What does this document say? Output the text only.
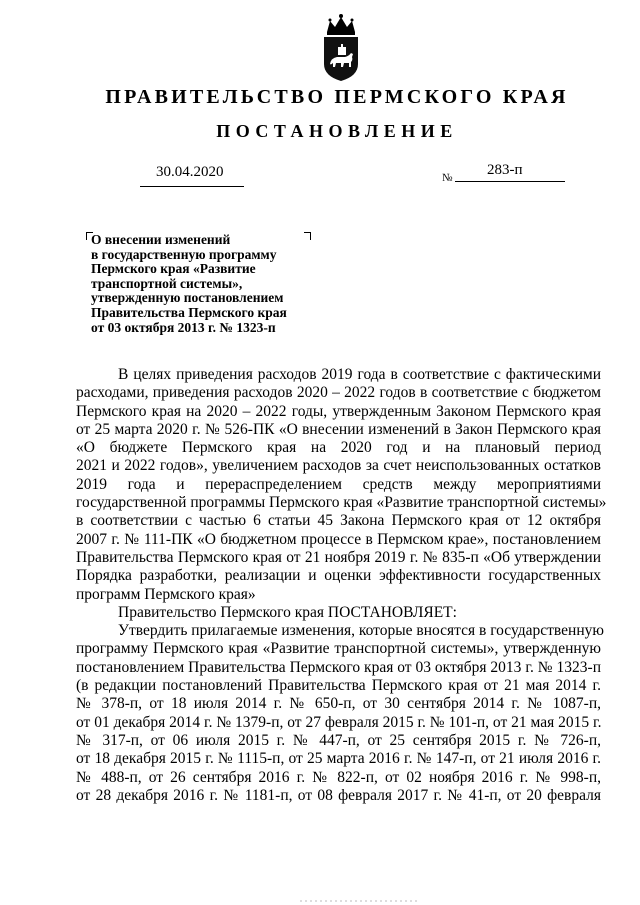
ПРАВИТЕЛЬСТВО ПЕРМСКОГО КРАЯ
ПОСТАНОВЛЕНИЕ
30.04.2020	№ 283-п
О внесении изменений
в государственную программу
Пермского края «Развитие
транспортной системы»,
утвержденную постановлением
Правительства Пермского края
от 03 октября 2013 г. № 1323-п

В целях приведения расходов 2019 года в соответствие с фактическими
расходами, приведения расходов 2020 – 2022 годов в соответствие с бюджетом
Пермского края на 2020 – 2022 годы, утвержденным Законом Пермского края
от 25 марта 2020 г. № 526-ПК «О внесении изменений в Закон Пермского края
«О бюджете Пермского края на 2020 год и на плановый период
2021 и 2022 годов», увеличением расходов за счет неиспользованных остатков
2019 года и перераспределением средств между мероприятиями
государственной программы Пермского края «Развитие транспортной системы»
в соответствии с частью 6 статьи 45 Закона Пермского края от 12 октября
2007 г. № 111-ПК «О бюджетном процессе в Пермском крае», постановлением
Правительства Пермского края от 21 ноября 2019 г. № 835-п «Об утверждении
Порядка разработки, реализации и оценки эффективности государственных
программ Пермского края»

Правительство Пермского края ПОСТАНОВЛЯЕТ:

Утвердить прилагаемые изменения, которые вносятся в государственную
программу Пермского края «Развитие транспортной системы», утвержденную
постановлением Правительства Пермского края от 03 октября 2013 г. № 1323-п
(в редакции постановлений Правительства Пермского края от 21 мая 2014 г.
№ 378-п, от 18 июля 2014 г. № 650-п, от 30 сентября 2014 г. № 1087-п,
от 01 декабря 2014 г. № 1379-п, от 27 февраля 2015 г. № 101-п, от 21 мая 2015 г.
№ 317-п, от 06 июля 2015 г. № 447-п, от 25 сентября 2015 г. № 726-п,
от 18 декабря 2015 г. № 1115-п, от 25 марта 2016 г. № 147-п, от 21 июля 2016 г.
№ 488-п, от 26 сентября 2016 г. № 822-п, от 02 ноября 2016 г. № 998-п,
от 28 декабря 2016 г. № 1181-п, от 08 февраля 2017 г. № 41-п, от 20 февраля
